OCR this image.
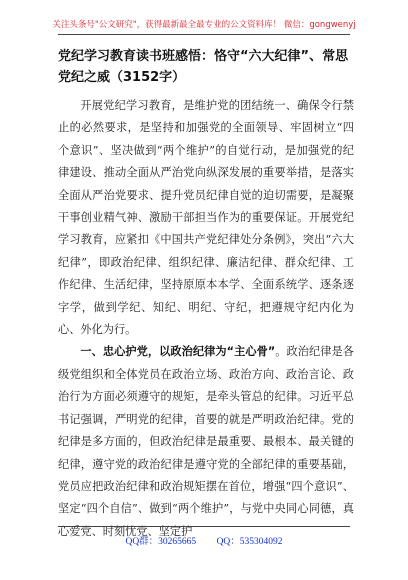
关注头条号"公文研究"，获得最新最全最专业的公文资料库！ 微信：gongwenyj
党纪学习教育读书班感悟：恪守“六大纪律”、常思党纪之威（3152字）

开展党纪学习教育，是维护党的团结统一、确保令行禁止的必然要求，是坚持和加强党的全面领导、牢固树立“四个意识”、坚决做到“两个维护”的自觉行动，是加强党的纪律建设、推动全面从严治党向纵深发展的重要举措，是落实全面从严治党要求、提升党员纪律自觉的迫切需要，是凝聚干事创业精气神、激励干部担当作为的重要保证。开展党纪学习教育，应紧扣《中国共产党纪律处分条例》，突出“六大纪律”，即政治纪律、组织纪律、廉洁纪律、群众纪律、工作纪律、生活纪律，坚持原原本本学、全面系统学、逐条逐字学，做到学纪、知纪、明纪、守纪，把遵规守纪内化为心、外化为行。

一、忠心护党，以政治纪律为“主心骨”。政治纪律是各级党组织和全体党员在政治立场、政治方向、政治言论、政治行为方面必须遵守的规矩，是牵头管总的纪律。习近平总书记强调，严明党的纪律，首要的就是严明政治纪律。党的纪律是多方面的，但政治纪律是最重要、最根本、最关键的纪律，遵守党的政治纪律是遵守党的全部纪律的重要基础，党员应把政治纪律和政治规矩摆在首位，增强“四个意识”、坚定“四个自信”、做到“两个维护”，与党中央同心同德，真心爱党、时刻忧党、坚定护

QQ群：30265665 QQ：535304092
